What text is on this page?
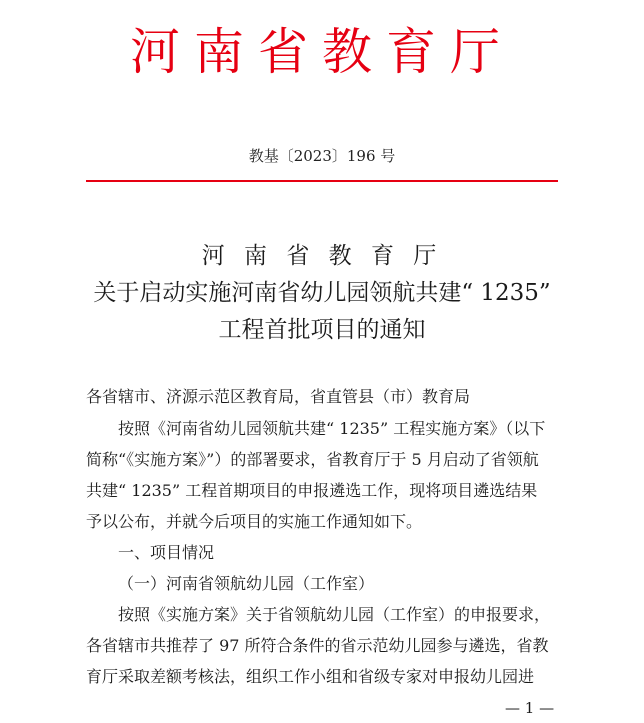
河南省教育厅
教基〔2023〕196 号
河 南 省 教 育 厅
关于启动实施河南省幼儿园领航共建“ 1235”
工程首批项目的通知
各省辖市、济源示范区教育局，省直管县（市）教育局
按照《河南省幼儿园领航共建“ 1235” 工程实施方案》（以下
简称“《实施方案》”）的部署要求，省教育厅于 5 月启动了省领航
共建“ 1235” 工程首期项目的申报遴选工作，现将项目遴选结果
予以公布，并就今后项目的实施工作通知如下。
一、项目情况
（一）河南省领航幼儿园（工作室）
按照《实施方案》关于省领航幼儿园（工作室）的申报要求，
各省辖市共推荐了 97 所符合条件的省示范幼儿园参与遴选，省教
育厅采取差额考核法，组织工作小组和省级专家对申报幼儿园进
— 1 —
